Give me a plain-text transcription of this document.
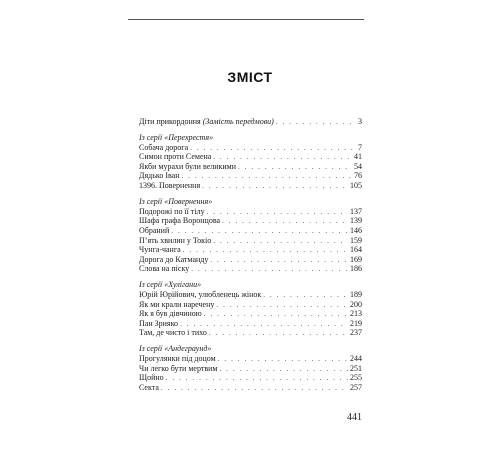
ЗМІСТ
Діти прикордоння (Замість передмови) . . .	3
Із серії «Перехрестя»
Собача дорога . . .	7
Симон проти Семена . . .	41
Якби мурахи були великими . . .	54
Дядько Іван . . .	76
1396. Повернення . . .	105
Із серії «Повернення»
Подорожі по її тілу . . .	137
Шафа графа Воронцова . . .	139
Обраний . . .	146
П’ять хвилин у Токіо . . .	159
Чунга-чанга . . .	164
Дорога до Катманду . . .	169
Слова на піску . . .	186
Із серії «Хулігани»
Юрій Юрійович, улюбленець жінок . . .	189
Як ми крали наречену . . .	200
Як я був дівчиною . . .	213
Пан Зрияко . . .	219
Там, де чисто і тихо . . .	237
Із серії «Андеграунд»
Прогулянки під доцом . . .	244
Чи легко бути мертвим . . .	251
Щойно . . .	255
Секта . . .	257
441
